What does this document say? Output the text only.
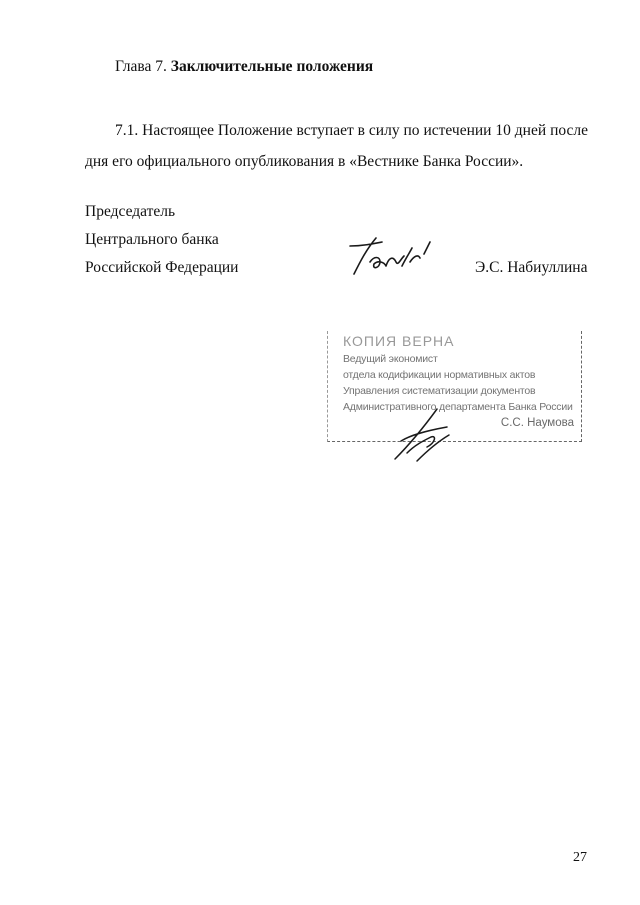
Глава 7. Заключительные положения
7.1. Настоящее Положение вступает в силу по истечении 10 дней после дня его официального опубликования в «Вестнике Банка России».
Председатель
Центрального банка
Российской Федерации	Э.С. Набиуллина
КОПИЯ ВЕРНА
Ведущий экономист
отдела кодификации нормативных актов
Управления систематизации документов
Административного департамента Банка России
С.С. Наумова
27
